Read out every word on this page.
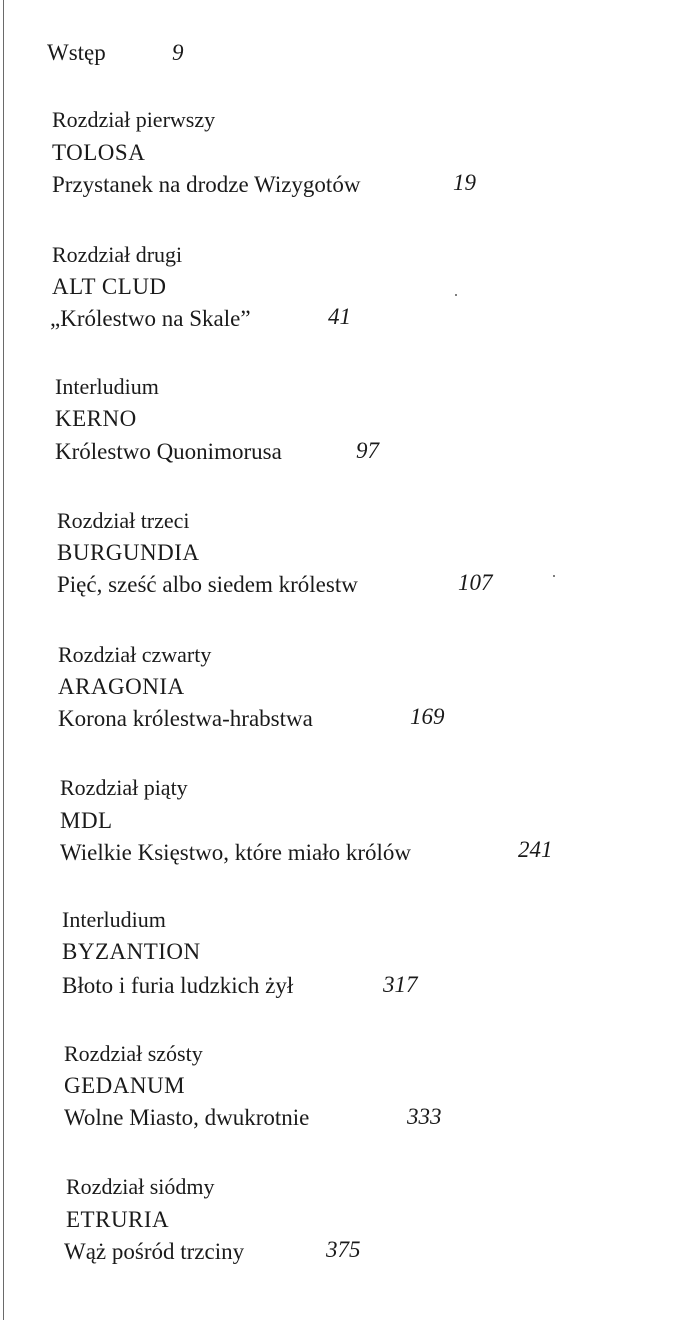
Wstęp	9
Rozdział pierwszy
TOLOSA
Przystanek na drodze Wizygotów	19
Rozdział drugi
ALT CLUD
„Królestwo na Skale”	41
Interludium
KERNO
Królestwo Quonimorusa	97
Rozdział trzeci
BURGUNDIA
Pięć, sześć albo siedem królestw	107
Rozdział czwarty
ARAGONIA
Korona królestwa-hrabstwa	169
Rozdział piąty
MDL
Wielkie Księstwo, które miało królów	241
Interludium
BYZANTION
Błoto i furia ludzkich żył	317
Rozdział szósty
GEDANUM
Wolne Miasto, dwukrotnie	333
Rozdział siódmy
ETRURIA
Wąż pośród trzciny	375
